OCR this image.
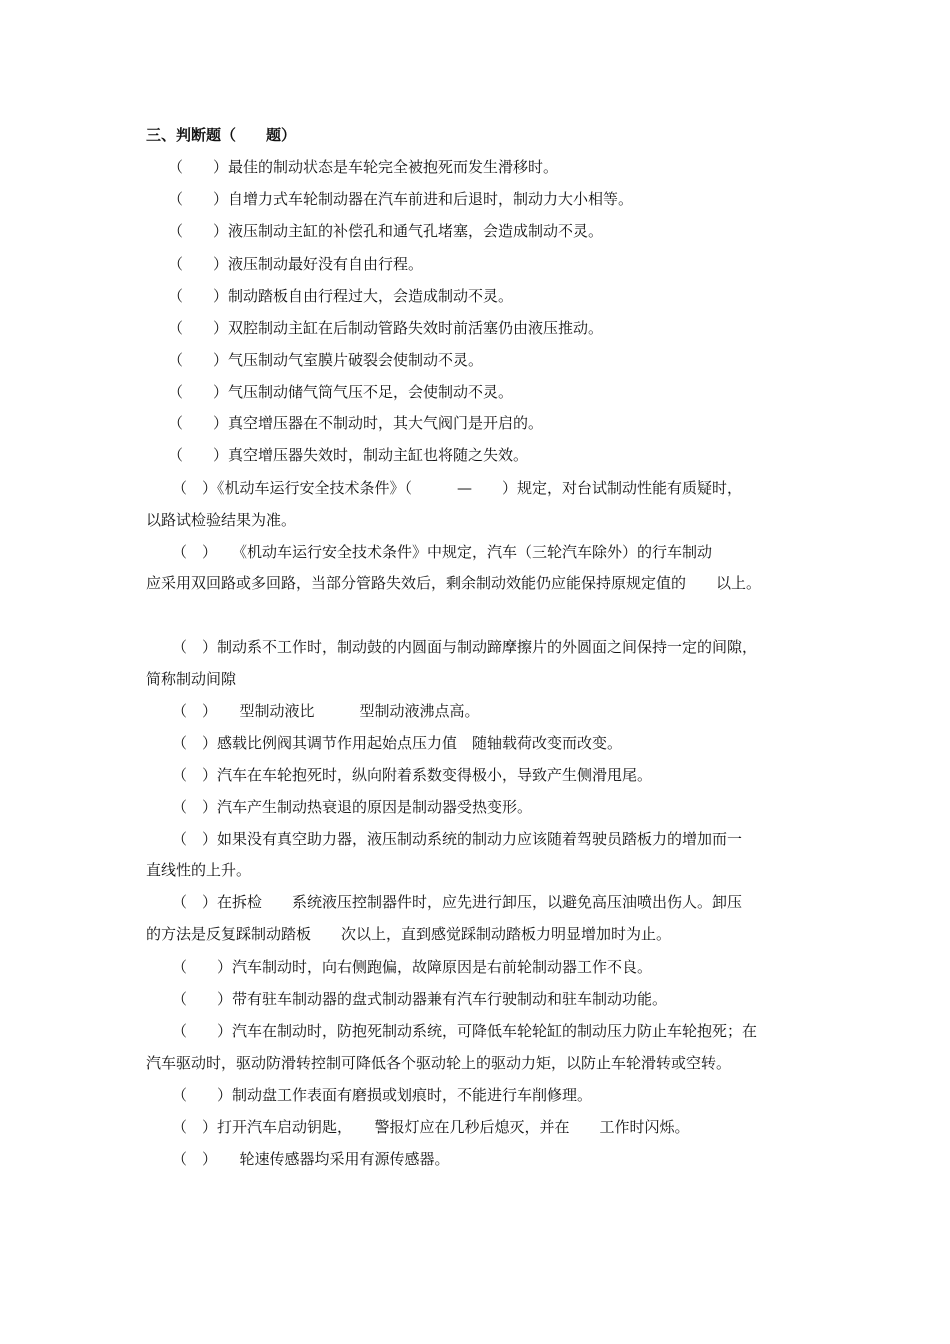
三、判断题（　　题）
（　　）最佳的制动状态是车轮完全被抱死而发生滑移时。
（　　）自增力式车轮制动器在汽车前进和后退时，制动力大小相等。
（　　）液压制动主缸的补偿孔和通气孔堵塞，会造成制动不灵。
（　　）液压制动最好没有自由行程。
（　　）制动踏板自由行程过大，会造成制动不灵。
（　　）双腔制动主缸在后制动管路失效时前活塞仍由液压推动。
（　　）气压制动气室膜片破裂会使制动不灵。
（　　）气压制动储气筒气压不足，会使制动不灵。
（　　）真空增压器在不制动时，其大气阀门是开启的。
（　　）真空增压器失效时，制动主缸也将随之失效。
（　）《机动车运行安全技术条件》（　　　—　　）规定，对台试制动性能有质疑时，
以路试检验结果为准。
（　）　　《机动车运行安全技术条件》中规定，汽车（三轮汽车除外）的行车制动
应采用双回路或多回路，当部分管路失效后，剩余制动效能仍应能保持原规定值的　　以上。
（　）制动系不工作时，制动鼓的内圆面与制动蹄摩擦片的外圆面之间保持一定的间隙，
简称制动间隙
（　）　　型制动液比　　　型制动液沸点高。
（　）感载比例阀其调节作用起始点压力值　随轴载荷改变而改变。
（　）汽车在车轮抱死时，纵向附着系数变得极小，导致产生侧滑甩尾。
（　）汽车产生制动热衰退的原因是制动器受热变形。
（　）如果没有真空助力器，液压制动系统的制动力应该随着驾驶员踏板力的增加而一
直线性的上升。
（　）在拆检　　系统液压控制器件时，应先进行卸压，以避免高压油喷出伤人。卸压
的方法是反复踩制动踏板　　次以上，直到感觉踩制动踏板力明显增加时为止。
（　　）汽车制动时，向右侧跑偏，故障原因是右前轮制动器工作不良。
（　　）带有驻车制动器的盘式制动器兼有汽车行驶制动和驻车制动功能。
（　　）汽车在制动时，防抱死制动系统，可降低车轮轮缸的制动压力防止车轮抱死；在
汽车驱动时，驱动防滑转控制可降低各个驱动轮上的驱动力矩，以防止车轮滑转或空转。
（　　）制动盘工作表面有磨损或划痕时，不能进行车削修理。
（　）打开汽车启动钥匙，　　警报灯应在几秒后熄灭，并在　　工作时闪烁。
（　）　　轮速传感器均采用有源传感器。
